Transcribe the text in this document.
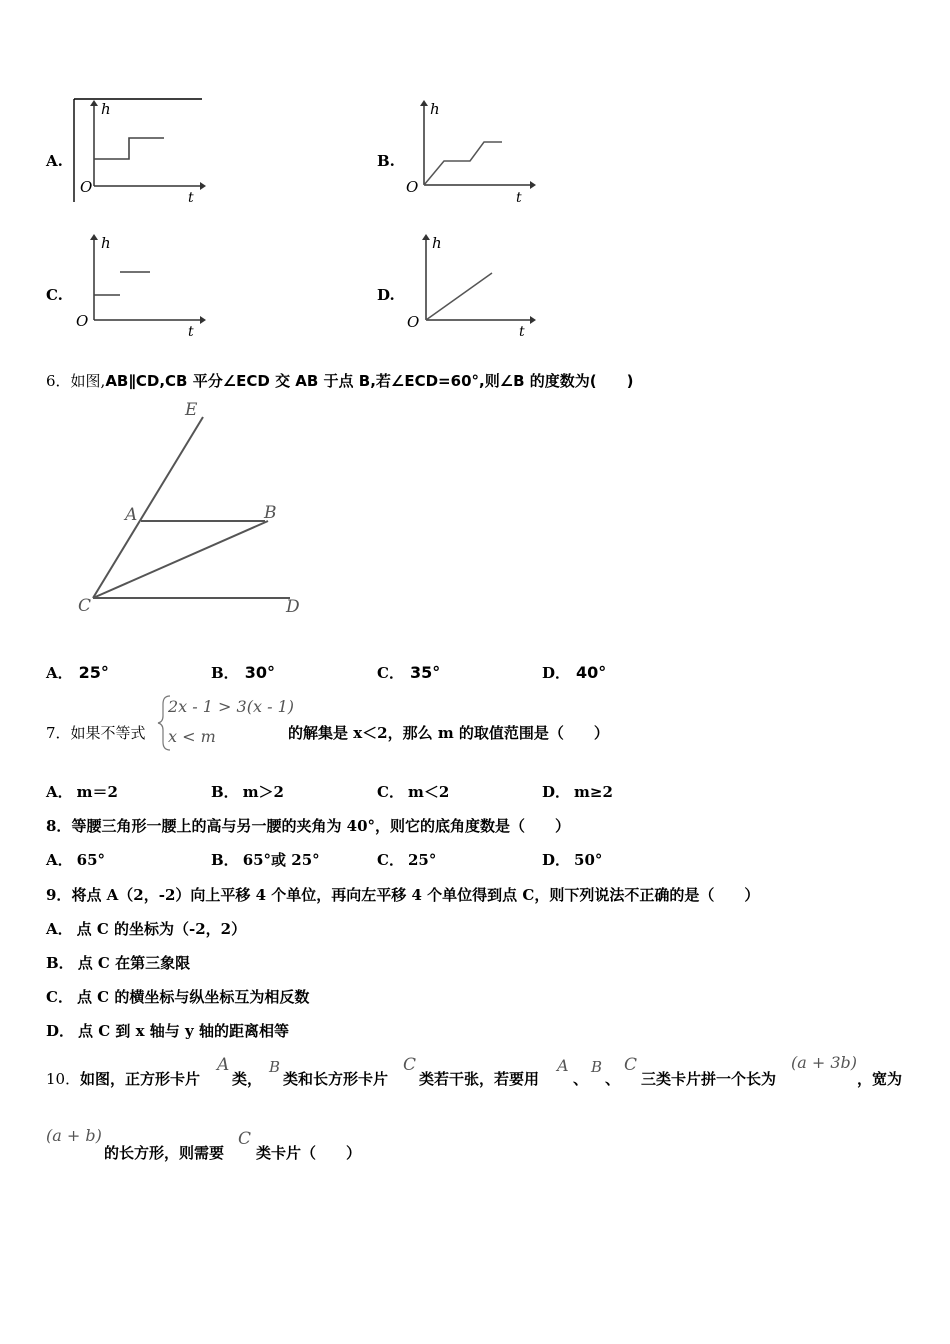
A.
h
O
t
B.
h
O
t
C.
h
O
t
D.
h
O
t
6．如图,AB∥CD,CB 平分∠ECD 交 AB 于点 B,若∠ECD=60°,则∠B 的度数为(　　)
E
A	B
C	D
A． 25°	B． 30°	C． 35°	D． 40°
7．如果不等式
2x - 1 > 3(x - 1)
x < m	的解集是 x＜2，那么 m 的取值范围是（　　）
A． m＝2	B． m＞2	C． m＜2	D． m≥2
8．等腰三角形一腰上的高与另一腰的夹角为 40°，则它的底角度数是（　　）
A． 65°	B． 65°或 25°	C． 25°	D． 50°
9．将点 A（2，-2）向上平移 4 个单位，再向左平移 4 个单位得到点 C，则下列说法不正确的是（　　）
A． 点 C 的坐标为（-2，2）
B． 点 C 在第三象限
C． 点 C 的横坐标与纵坐标互为相反数
D． 点 C 到 x 轴与 y 轴的距离相等
10． 如图，正方形卡片
A
类，
B
类和长方形卡片
C
类若干张，若要用
A
、
B
、
C
三类卡片拼一个长为
(a + 3b)
，宽为
(a + b)
的长方形，则需要
C
类卡片（　　）
